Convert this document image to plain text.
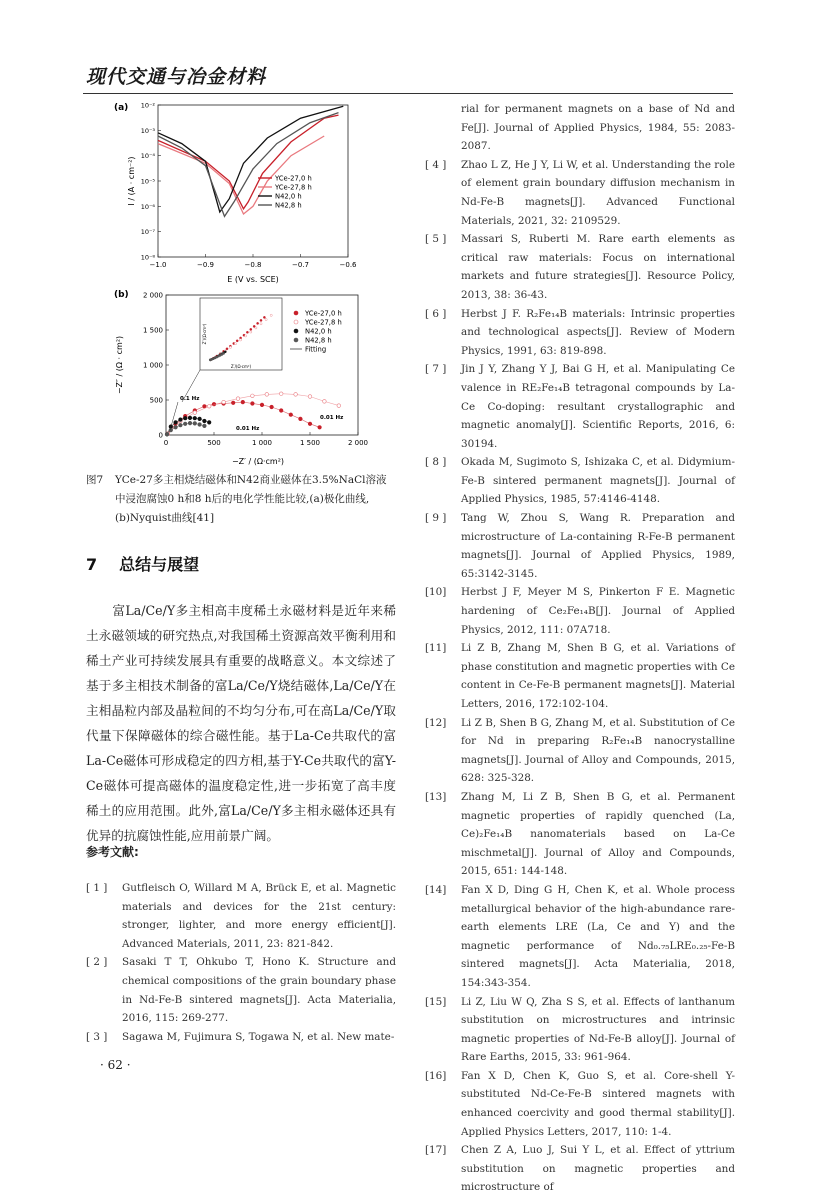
现代交通与冶金材料
(a) 10⁻²
10⁻³
10⁻⁴
10⁻⁵
10⁻⁶
10⁻⁷
10⁻⁸
−1.0	−0.9	−0.8	−0.7	−0.6
I / (A · cm⁻²)
E (V vs. SCE)
YCe-27,0 h
YCe-27,8 h
N42,0 h
N42,8 h
(b) 2 000
1 500
1 000
500
0
0	500	1 000	1 500	2 000
−Z″ / (Ω · cm²)
−Z′ / (Ω·cm²)
Z″/(Ω·cm²)
Z′/(Ω·cm²)
YCe-27,0 h
YCe-27,8 h
N42,0 h
N42,8 h
Fitting
0.1 Hz
0.01 Hz
0.01 Hz
图7 YCe-27多主相烧结磁体和N42商业磁体在3.5%NaCl溶液中浸泡腐蚀0 h和8 h后的电化学性能比较,(a)极化曲线,(b)Nyquist曲线[41]
7 总结与展望
富La/Ce/Y多主相高丰度稀土永磁材料是近年来稀土永磁领域的研究热点,对我国稀土资源高效平衡利用和稀土产业可持续发展具有重要的战略意义。本文综述了基于多主相技术制备的富La/Ce/Y烧结磁体,La/Ce/Y在主相晶粒内部及晶粒间的不均匀分布,可在高La/Ce/Y取代量下保障磁体的综合磁性能。基于La-Ce共取代的富La-Ce磁体可形成稳定的四方相,基于Y-Ce共取代的富Y-Ce磁体可提高磁体的温度稳定性,进一步拓宽了高丰度稀土的应用范围。此外,富La/Ce/Y多主相永磁体还具有优异的抗腐蚀性能,应用前景广阔。
参考文献:
[ 1 ] Gutfleisch O, Willard M A, Brück E, et al. Magnetic materials and devices for the 21st century: stronger, lighter, and more energy efficient[J]. Advanced Materials, 2011, 23: 821-842.
[ 2 ] Sasaki T T, Ohkubo T, Hono K. Structure and chemical compositions of the grain boundary phase in Nd-Fe-B sintered magnets[J]. Acta Materialia, 2016, 115: 269-277.
[ 3 ] Sagawa M, Fujimura S, Togawa N, et al. New mate-
rial for permanent magnets on a base of Nd and Fe[J]. Journal of Applied Physics, 1984, 55: 2083-2087.
[ 4 ] Zhao L Z, He J Y, Li W, et al. Understanding the role of element grain boundary diffusion mechanism in Nd-Fe-B magnets[J]. Advanced Functional Materials, 2021, 32: 2109529.
[ 5 ] Massari S, Ruberti M. Rare earth elements as critical raw materials: Focus on international markets and future strategies[J]. Resource Policy, 2013, 38: 36-43.
[ 6 ] Herbst J F. R₂Fe₁₄B materials: Intrinsic properties and technological aspects[J]. Review of Modern Physics, 1991, 63: 819-898.
[ 7 ] Jin J Y, Zhang Y J, Bai G H, et al. Manipulating Ce valence in RE₂Fe₁₄B tetragonal compounds by La-Ce Co-doping: resultant crystallographic and magnetic anomaly[J]. Scientific Reports, 2016, 6: 30194.
[ 8 ] Okada M, Sugimoto S, Ishizaka C, et al. Didymium-Fe-B sintered permanent magnets[J]. Journal of Applied Physics, 1985, 57:4146-4148.
[ 9 ] Tang W, Zhou S, Wang R. Preparation and microstructure of La-containing R-Fe-B permanent magnets[J]. Journal of Applied Physics, 1989, 65:3142-3145.
[10] Herbst J F, Meyer M S, Pinkerton F E. Magnetic hardening of Ce₂Fe₁₄B[J]. Journal of Applied Physics, 2012, 111: 07A718.
[11] Li Z B, Zhang M, Shen B G, et al. Variations of phase constitution and magnetic properties with Ce content in Ce-Fe-B permanent magnets[J]. Material Letters, 2016, 172:102-104.
[12] Li Z B, Shen B G, Zhang M, et al. Substitution of Ce for Nd in preparing R₂Fe₁₄B nanocrystalline magnets[J]. Journal of Alloy and Compounds, 2015, 628: 325-328.
[13] Zhang M, Li Z B, Shen B G, et al. Permanent magnetic properties of rapidly quenched (La, Ce)₂Fe₁₄B nanomaterials based on La-Ce mischmetal[J]. Journal of Alloy and Compounds, 2015, 651: 144-148.
[14] Fan X D, Ding G H, Chen K, et al. Whole process metallurgical behavior of the high-abundance rare-earth elements LRE (La, Ce and Y) and the magnetic performance of Nd₀.₇₅LRE₀.₂₅-Fe-B sintered magnets[J]. Acta Materialia, 2018, 154:343-354.
[15] Li Z, Liu W Q, Zha S S, et al. Effects of lanthanum substitution on microstructures and intrinsic magnetic properties of Nd-Fe-B alloy[J]. Journal of Rare Earths, 2015, 33: 961-964.
[16] Fan X D, Chen K, Guo S, et al. Core-shell Y-substituted Nd-Ce-Fe-B sintered magnets with enhanced coercivity and good thermal stability[J]. Applied Physics Letters, 2017, 110: 1-4.
[17] Chen Z A, Luo J, Sui Y L, et al. Effect of yttrium substitution on magnetic properties and microstructure of
· 62 ·
